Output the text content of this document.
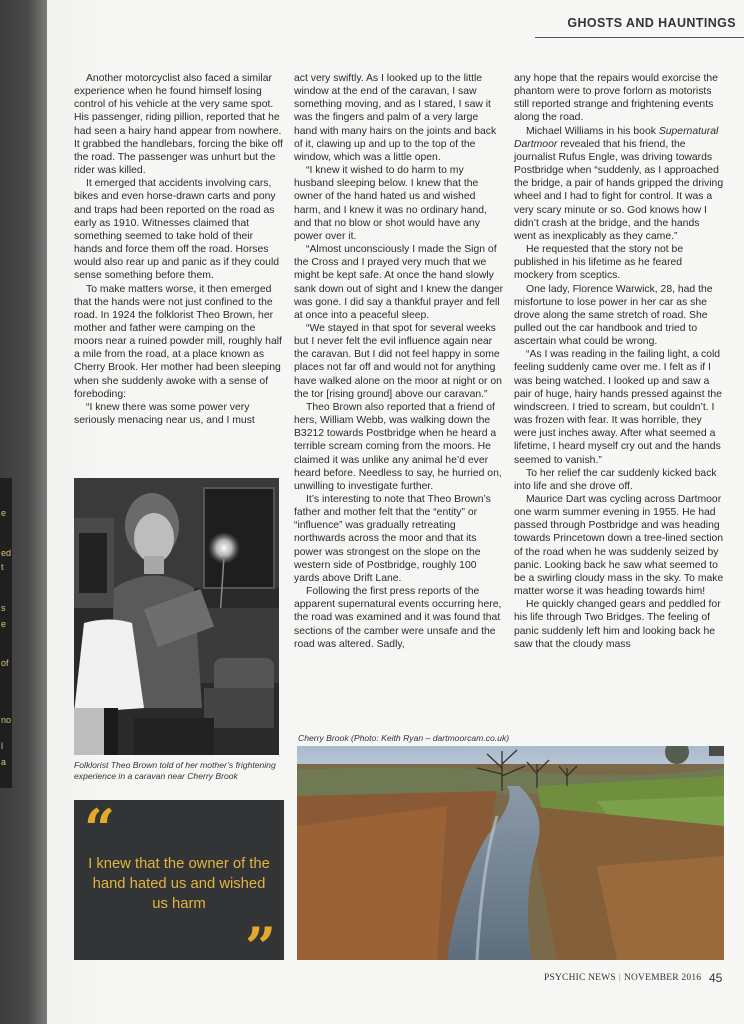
e
ed
t
s
e
of
no
l
a
GHOSTS AND HAUNTINGS

Another motorcyclist also faced a similar experience when he found himself losing control of his vehicle at the very same spot. His passenger, riding pillion, reported that he had seen a hairy hand appear from nowhere. It grabbed the handlebars, forcing the bike off the road. The passenger was unhurt but the rider was killed.

It emerged that accidents involving cars, bikes and even horse-drawn carts and pony and traps had been reported on the road as early as 1910. Witnesses claimed that something seemed to take hold of their hands and force them off the road. Horses would also rear up and panic as if they could sense something before them.

To make matters worse, it then emerged that the hands were not just confined to the road. In 1924 the folklorist Theo Brown, her mother and father were camping on the moors near a ruined powder mill, roughly half a mile from the road, at a place known as Cherry Brook. Her mother had been sleeping when she suddenly awoke with a sense of foreboding:

“I knew there was some power very seriously menacing near us, and I must

Folklorist Theo Brown told of her mother’s frightening experience in a caravan near Cherry Brook
“
I knew that the owner of the hand hated us and wished us harm
”

act very swiftly. As I looked up to the little window at the end of the caravan, I saw something moving, and as I stared, I saw it was the fingers and palm of a very large hand with many hairs on the joints and back of it, clawing up and up to the top of the window, which was a little open.

“I knew it wished to do harm to my husband sleeping below. I knew that the owner of the hand hated us and wished harm, and I knew it was no ordinary hand, and that no blow or shot would have any power over it.

“Almost unconsciously I made the Sign of the Cross and I prayed very much that we might be kept safe. At once the hand slowly sank down out of sight and I knew the danger was gone. I did say a thankful prayer and fell at once into a peaceful sleep.

“We stayed in that spot for several weeks but I never felt the evil influence again near the caravan. But I did not feel happy in some places not far off and would not for anything have walked alone on the moor at night or on the tor [rising ground] above our caravan.”

Theo Brown also reported that a friend of hers, William Webb, was walking down the B3212 towards Postbridge when he heard a terrible scream coming from the moors. He claimed it was unlike any animal he’d ever heard before. Needless to say, he hurried on, unwilling to investigate further.

It’s interesting to note that Theo Brown’s father and mother felt that the “entity” or “influence” was gradually retreating northwards across the moor and that its power was strongest on the slope on the western side of Postbridge, roughly 100 yards above Drift Lane.

Following the first press reports of the apparent supernatural events occurring here, the road was examined and it was found that sections of the camber were unsafe and the road was altered. Sadly,

any hope that the repairs would exorcise the phantom were to prove forlorn as motorists still reported strange and frightening events along the road.

Michael Williams in his book Supernatural Dartmoor revealed that his friend, the journalist Rufus Engle, was driving towards Postbridge when “suddenly, as I approached the bridge, a pair of hands gripped the driving wheel and I had to fight for control. It was a very scary minute or so. God knows how I didn’t crash at the bridge, and the hands went as inexplicably as they came.”

He requested that the story not be published in his lifetime as he feared mockery from sceptics.

One lady, Florence Warwick, 28, had the misfortune to lose power in her car as she drove along the same stretch of road. She pulled out the car handbook and tried to ascertain what could be wrong.

“As I was reading in the failing light, a cold feeling suddenly came over me. I felt as if I was being watched. I looked up and saw a pair of huge, hairy hands pressed against the windscreen. I tried to scream, but couldn’t. I was frozen with fear. It was horrible, they were just inches away. After what seemed a lifetime, I heard myself cry out and the hands seemed to vanish.”

To her relief the car suddenly kicked back into life and she drove off.

Maurice Dart was cycling across Dartmoor one warm summer evening in 1955. He had passed through Postbridge and was heading towards Princetown down a tree-lined section of the road when he was suddenly seized by panic. Looking back he saw what seemed to be a swirling cloudy mass in the sky. To make matter worse it was heading towards him!

He quickly changed gears and peddled for his life through Two Bridges. The feeling of panic suddenly left him and looking back he saw that the cloudy mass

Cherry Brook (Photo: Keith Ryan – dartmoorcam.co.uk)
PSYCHIC NEWS | NOVEMBER 2016 45
